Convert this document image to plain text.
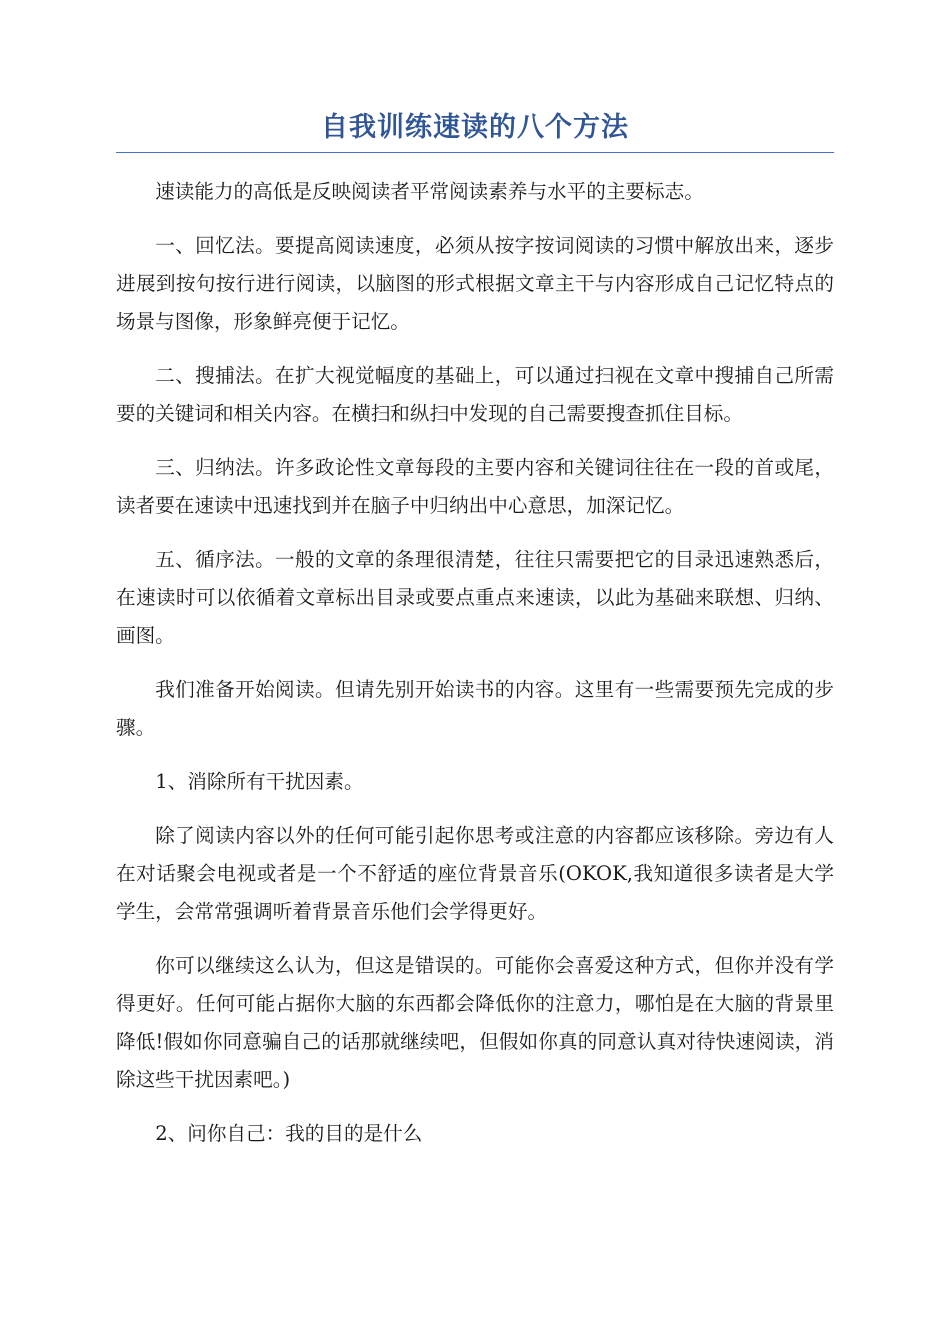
自我训练速读的八个方法

速读能力的高低是反映阅读者平常阅读素养与水平的主要标志。

一、回忆法。要提高阅读速度，必须从按字按词阅读的习惯中解放出来，逐步进展到按句按行进行阅读，以脑图的形式根据文章主干与内容形成自己记忆特点的场景与图像，形象鲜亮便于记忆。

二、搜捕法。在扩大视觉幅度的基础上，可以通过扫视在文章中搜捕自己所需要的关键词和相关内容。在横扫和纵扫中发现的自己需要搜查抓住目标。

三、归纳法。许多政论性文章每段的主要内容和关键词往往在一段的首或尾，读者要在速读中迅速找到并在脑子中归纳出中心意思，加深记忆。

五、循序法。一般的文章的条理很清楚，往往只需要把它的目录迅速熟悉后，在速读时可以依循着文章标出目录或要点重点来速读，以此为基础来联想、归纳、画图。

我们准备开始阅读。但请先别开始读书的内容。这里有一些需要预先完成的步骤。

1、消除所有干扰因素。

除了阅读内容以外的任何可能引起你思考或注意的内容都应该移除。旁边有人在对话聚会电视或者是一个不舒适的座位背景音乐(OKOK,我知道很多读者是大学学生，会常常强调听着背景音乐他们会学得更好。

你可以继续这么认为，但这是错误的。可能你会喜爱这种方式，但你并没有学得更好。任何可能占据你大脑的东西都会降低你的注意力，哪怕是在大脑的背景里降低!假如你同意骗自己的话那就继续吧，但假如你真的同意认真对待快速阅读，消除这些干扰因素吧。)

2、问你自己：我的目的是什么
